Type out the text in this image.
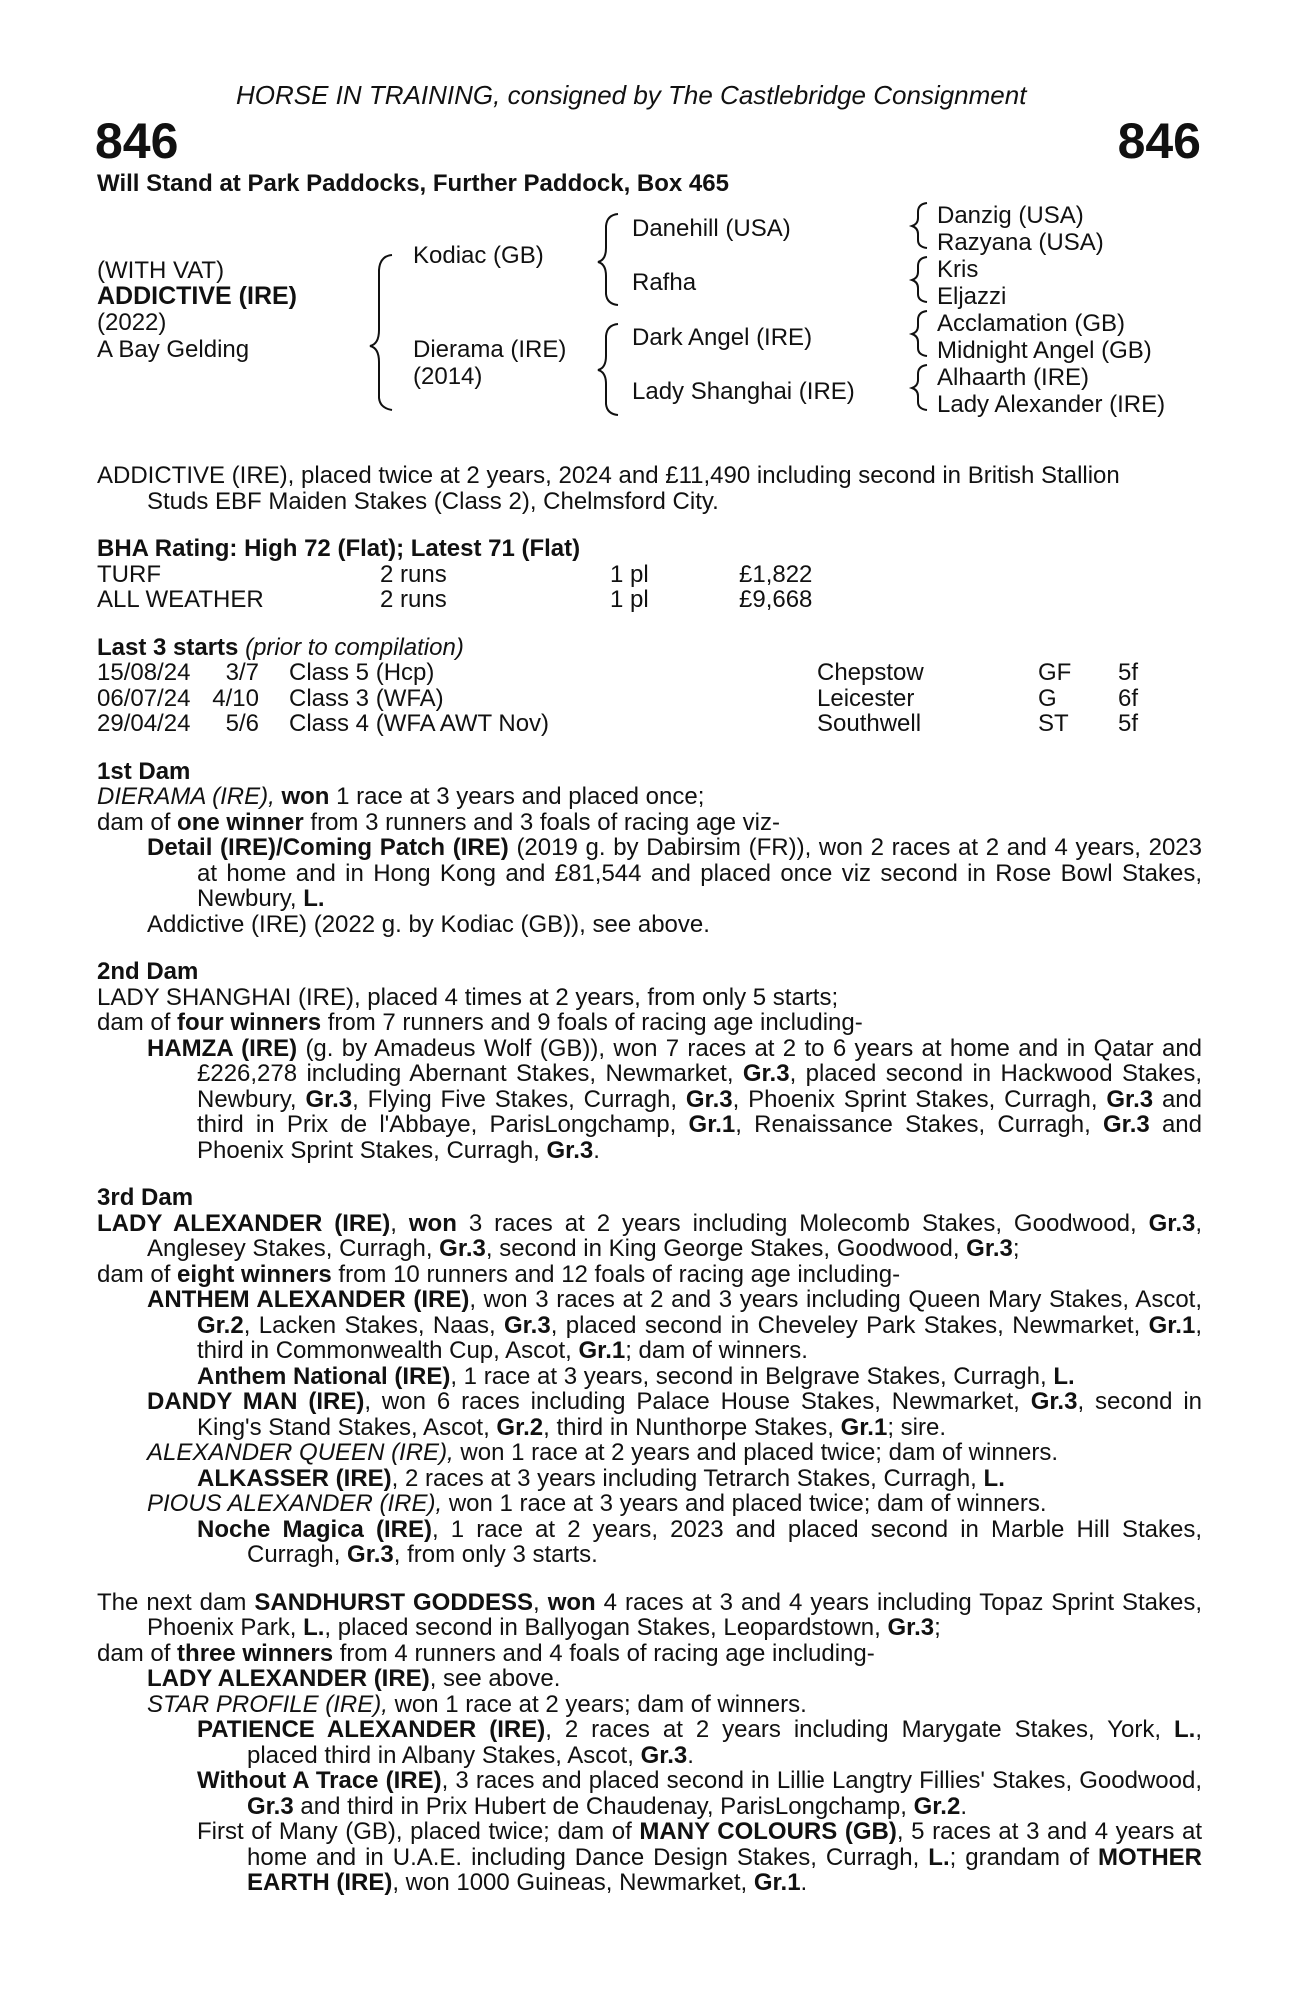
HORSE IN TRAINING, consigned by The Castlebridge Consignment
846	846
Will Stand at Park Paddocks, Further Paddock, Box 465
(WITH VAT)
ADDICTIVE (IRE)
(2022)
A Bay Gelding
Kodiac (GB)
Dierama (IRE)
(2014)
Danehill (USA)
Rafha
Dark Angel (IRE)
Lady Shanghai (IRE)
Danzig (USA)
Razyana (USA)
Kris
Eljazzi
Acclamation (GB)
Midnight Angel (GB)
Alhaarth (IRE)
Lady Alexander (IRE)

ADDICTIVE (IRE), placed twice at 2 years, 2024 and £11,490 including second in British Stallion

Studs EBF Maiden Stakes (Class 2), Chelmsford City.

BHA Rating: High 72 (Flat); Latest 71 (Flat)

TURF	2 runs	1 pl	£1,822
ALL WEATHER	2 runs	1 pl	£9,668

Last 3 starts (prior to compilation)

15/08/24	3/7 Class 5 (Hcp)	Chepstow	GF 5f
06/07/24 4/10 Class 3 (WFA)	Leicester	G	6f
29/04/24	5/6 Class 4 (WFA AWT Nov)	Southwell	ST 5f

1st Dam

DIERAMA (IRE), won 1 race at 3 years and placed once;

dam of one winner from 3 runners and 3 foals of racing age viz-

Detail (IRE)/Coming Patch (IRE) (2019 g. by Dabirsim (FR)), won 2 races at 2 and 4 years, 2023 at home and in Hong Kong and £81,544 and placed once viz second in Rose Bowl Stakes, Newbury, L.

Addictive (IRE) (2022 g. by Kodiac (GB)), see above.

2nd Dam

LADY SHANGHAI (IRE), placed 4 times at 2 years, from only 5 starts;

dam of four winners from 7 runners and 9 foals of racing age including-

HAMZA (IRE) (g. by Amadeus Wolf (GB)), won 7 races at 2 to 6 years at home and in Qatar and £226,278 including Abernant Stakes, Newmarket, Gr.3, placed second in Hackwood Stakes, Newbury, Gr.3, Flying Five Stakes, Curragh, Gr.3, Phoenix Sprint Stakes, Curragh, Gr.3 and third in Prix de l'Abbaye, ParisLongchamp, Gr.1, Renaissance Stakes, Curragh, Gr.3 and Phoenix Sprint Stakes, Curragh, Gr.3.

3rd Dam

LADY ALEXANDER (IRE), won 3 races at 2 years including Molecomb Stakes, Goodwood, Gr.3, Anglesey Stakes, Curragh, Gr.3, second in King George Stakes, Goodwood, Gr.3;

dam of eight winners from 10 runners and 12 foals of racing age including-

ANTHEM ALEXANDER (IRE), won 3 races at 2 and 3 years including Queen Mary Stakes, Ascot, Gr.2, Lacken Stakes, Naas, Gr.3, placed second in Cheveley Park Stakes, Newmarket, Gr.1, third in Commonwealth Cup, Ascot, Gr.1; dam of winners.

Anthem National (IRE), 1 race at 3 years, second in Belgrave Stakes, Curragh, L.

DANDY MAN (IRE), won 6 races including Palace House Stakes, Newmarket, Gr.3, second in King's Stand Stakes, Ascot, Gr.2, third in Nunthorpe Stakes, Gr.1; sire.

ALEXANDER QUEEN (IRE), won 1 race at 2 years and placed twice; dam of winners.

ALKASSER (IRE), 2 races at 3 years including Tetrarch Stakes, Curragh, L.

PIOUS ALEXANDER (IRE), won 1 race at 3 years and placed twice; dam of winners.

Noche Magica (IRE), 1 race at 2 years, 2023 and placed second in Marble Hill Stakes, Curragh, Gr.3, from only 3 starts.

The next dam SANDHURST GODDESS, won 4 races at 3 and 4 years including Topaz Sprint Stakes, Phoenix Park, L., placed second in Ballyogan Stakes, Leopardstown, Gr.3;

dam of three winners from 4 runners and 4 foals of racing age including-

LADY ALEXANDER (IRE), see above.

STAR PROFILE (IRE), won 1 race at 2 years; dam of winners.

PATIENCE ALEXANDER (IRE), 2 races at 2 years including Marygate Stakes, York, L., placed third in Albany Stakes, Ascot, Gr.3.

Without A Trace (IRE), 3 races and placed second in Lillie Langtry Fillies' Stakes, Goodwood, Gr.3 and third in Prix Hubert de Chaudenay, ParisLongchamp, Gr.2.

First of Many (GB), placed twice; dam of MANY COLOURS (GB), 5 races at 3 and 4 years at home and in U.A.E. including Dance Design Stakes, Curragh, L.; grandam of MOTHER EARTH (IRE), won 1000 Guineas, Newmarket, Gr.1.
